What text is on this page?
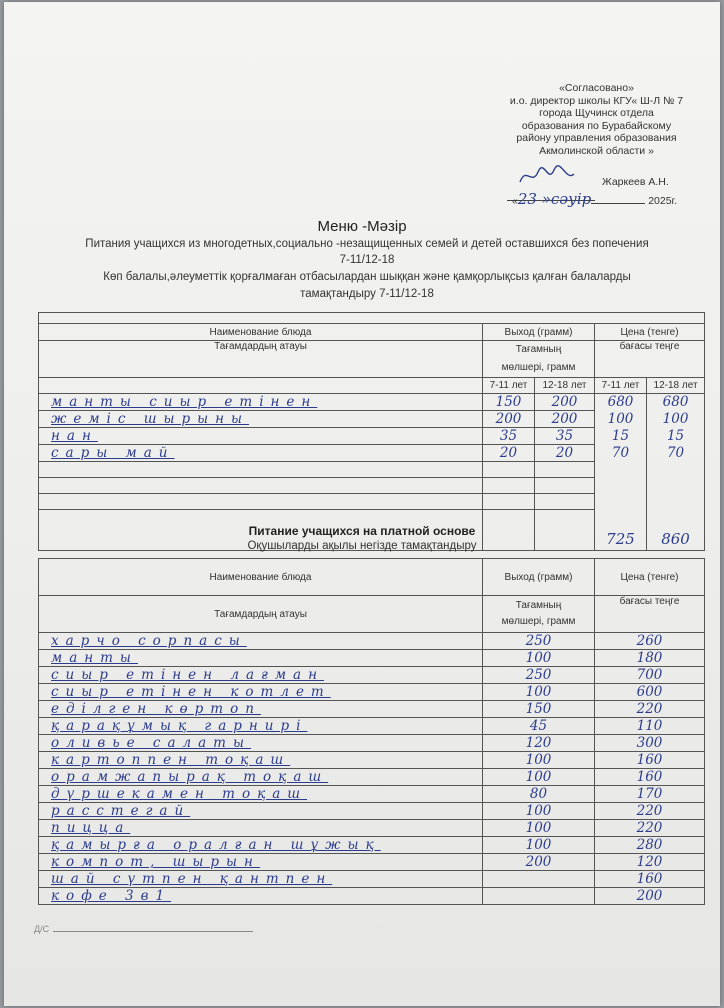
«Согласовано»
и.о. директор школы КГУ« Ш-Л № 7
города Щучинск отдела
образования по Бурабайскому
району управления образования
Акмолинской области »
Жаркеев А.Н.
«23 »сәуір	2025г.
Меню -Мәзір
Питания учащихся из многодетных,социально -незащищенных семей и детей оставшихся без попечения
7-11/12-18
Көп балалы,әлеуметтік қорғалмаған отбасылардан шыққан және қамқорлықсыз қалған балаларды
тамақтандыру 7-11/12-18

Наименование блюда	Выход (грамм)		Цена (тенге)	
Тағамдардың атауы	Тағамның мөлшері, грамм		бағасы теңге	

	7-11 лет	12-18 лет	7-11 лет	12-18 лет
манты сиыр етінен	150	200	680	680
жеміс шырыны	200	200	100	100
нан	35	35	15	15
сары май	20	20	70	70
			725	860

Питание учащихся на платной основе
Оқушыларды ақылы негізде тамақтандыру
Наименование блюда	Выход (грамм)	Цена (тенге)
Тағамдардың атауы	Тағамның мөлшері, грамм	бағасы теңге
харчо сорпасы	250	260
манты	100	180
сиыр етінен лағман	250	700
сиыр етінен котлет	100	600
еділген көртоп	150	220
қарақұмық гарнирі	45	110
оливье салаты	120	300
картоппен тоқаш	100	160
орамжапырақ тоқаш	100	160
дүршекамен тоқаш	80	170
расстегай	100	220
пицца	100	220
қамырға оралған шұжық	100	280
компот, шырын	200	120
шай сүтпен қантпен		160
кофе 3в1		200
Д/С
